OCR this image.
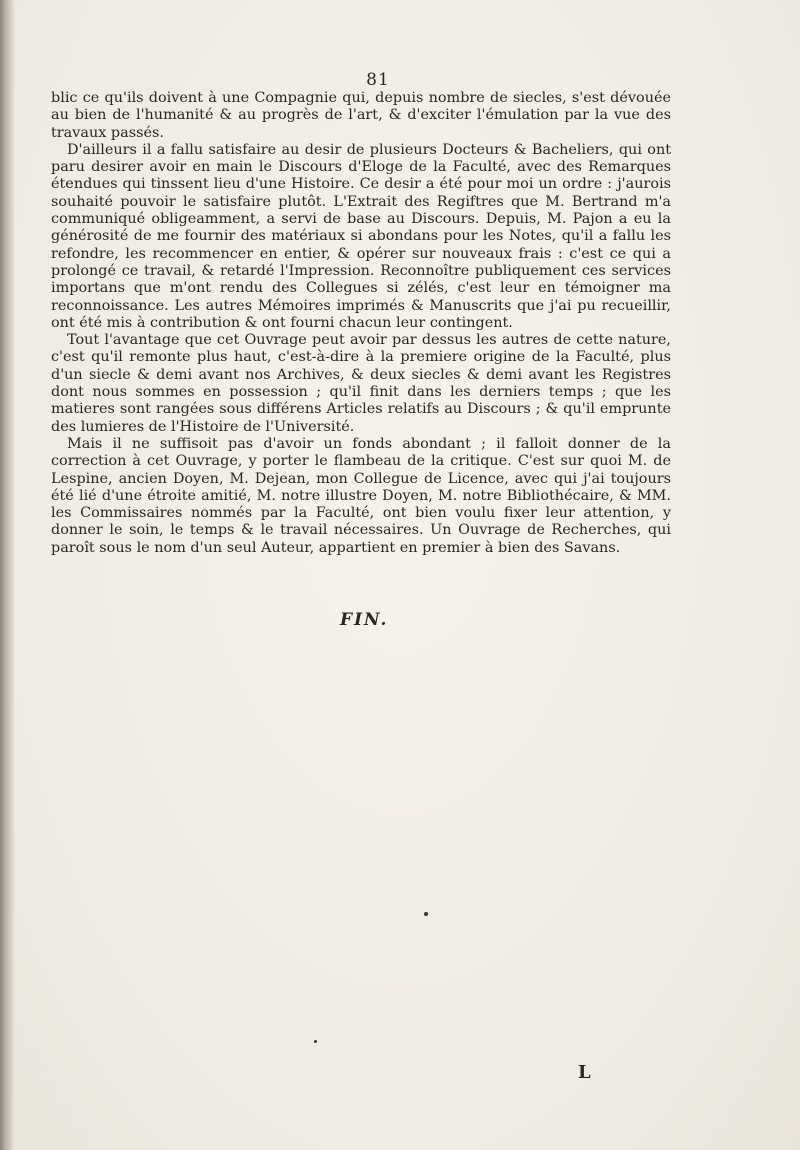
81

blic ce qu'ils doivent à une Compagnie qui, depuis nombre de siecles, s'est dévouée au bien de l'humanité & au progrès de l'art, & d'exciter l'émulation par la vue des travaux passés.

D'ailleurs il a fallu satisfaire au desir de plusieurs Docteurs & Bacheliers, qui ont paru desirer avoir en main le Discours d'Eloge de la Faculté, avec des Remarques étendues qui tinssent lieu d'une Histoire. Ce desir a été pour moi un ordre : j'aurois souhaité pouvoir le satisfaire plutôt. L'Extrait des Regiftres que M. Bertrand m'a communiqué obligeamment, a servi de base au Discours. Depuis, M. Pajon a eu la générosité de me fournir des matériaux si abondans pour les Notes, qu'il a fallu les refondre, les recommencer en entier, & opérer sur nouveaux frais : c'est ce qui a prolongé ce travail, & retardé l'Impression. Reconnoître publiquement ces services importans que m'ont rendu des Collegues si zélés, c'est leur en témoigner ma reconnoissance. Les autres Mémoires imprimés & Manuscrits que j'ai pu recueillir, ont été mis à contribution & ont fourni chacun leur contingent.

Tout l'avantage que cet Ouvrage peut avoir par dessus les autres de cette nature, c'est qu'il remonte plus haut, c'est-à-dire à la premiere origine de la Faculté, plus d'un siecle & demi avant nos Archives, & deux siecles & demi avant les Registres dont nous sommes en possession ; qu'il finit dans les derniers temps ; que les matieres sont rangées sous différens Articles relatifs au Discours ; & qu'il emprunte des lumieres de l'Histoire de l'Université.

Mais il ne suffisoit pas d'avoir un fonds abondant ; il falloit donner de la correction à cet Ouvrage, y porter le flambeau de la critique. C'est sur quoi M. de Lespine, ancien Doyen, M. Dejean, mon Collegue de Licence, avec qui j'ai toujours été lié d'une étroite amitié, M. notre illustre Doyen, M. notre Bibliothécaire, & MM. les Commissaires nommés par la Faculté, ont bien voulu fixer leur attention, y donner le soin, le temps & le travail nécessaires. Un Ouvrage de Recherches, qui paroît sous le nom d'un seul Auteur, appartient en premier à bien des Savans.

FIN.
L
